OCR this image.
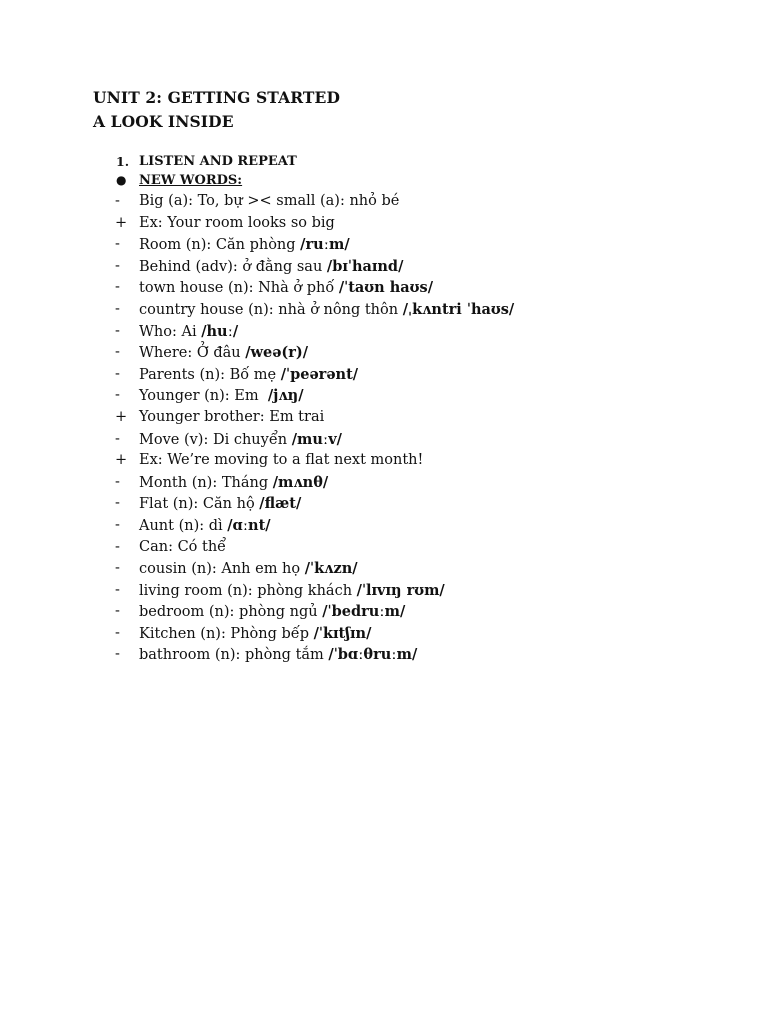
UNIT 2: GETTING STARTED
A LOOK INSIDE
1. LISTEN AND REPEAT
● NEW WORDS:
-	Big (a): To, bự >< small (a): nhỏ bé
+ Ex: Your room looks so big
-	Room (n): Căn phòng /ruːm/
-	Behind (adv): ở đằng sau /bɪˈhaɪnd/
-	town house (n): Nhà ở phố /ˈtaʊn haʊs/
-	country house (n): nhà ở nông thôn /ˌkʌntri ˈhaʊs/
-	Who: Ai /huː/
-	Where: Ở đâu /weə(r)/
-	Parents (n): Bố mẹ /ˈpeərənt/
-	Younger (n): Em  /jʌŋ/
+ Younger brother: Em trai
-	Move (v): Di chuyển /muːv/
+ Ex: We’re moving to a flat next month!
-	Month (n): Tháng /mʌnθ/
-	Flat (n): Căn hộ /flæt/
-	Aunt (n): dì /ɑːnt/
-	Can: Có thể
-	cousin (n): Anh em họ /ˈkʌzn/
-	living room (n): phòng khách /ˈlɪvɪŋ rʊm/
-	bedroom (n): phòng ngủ /ˈbedruːm/
-	Kitchen (n): Phòng bếp /ˈkɪtʃɪn/
-	bathroom (n): phòng tắm /ˈbɑːθruːm/
